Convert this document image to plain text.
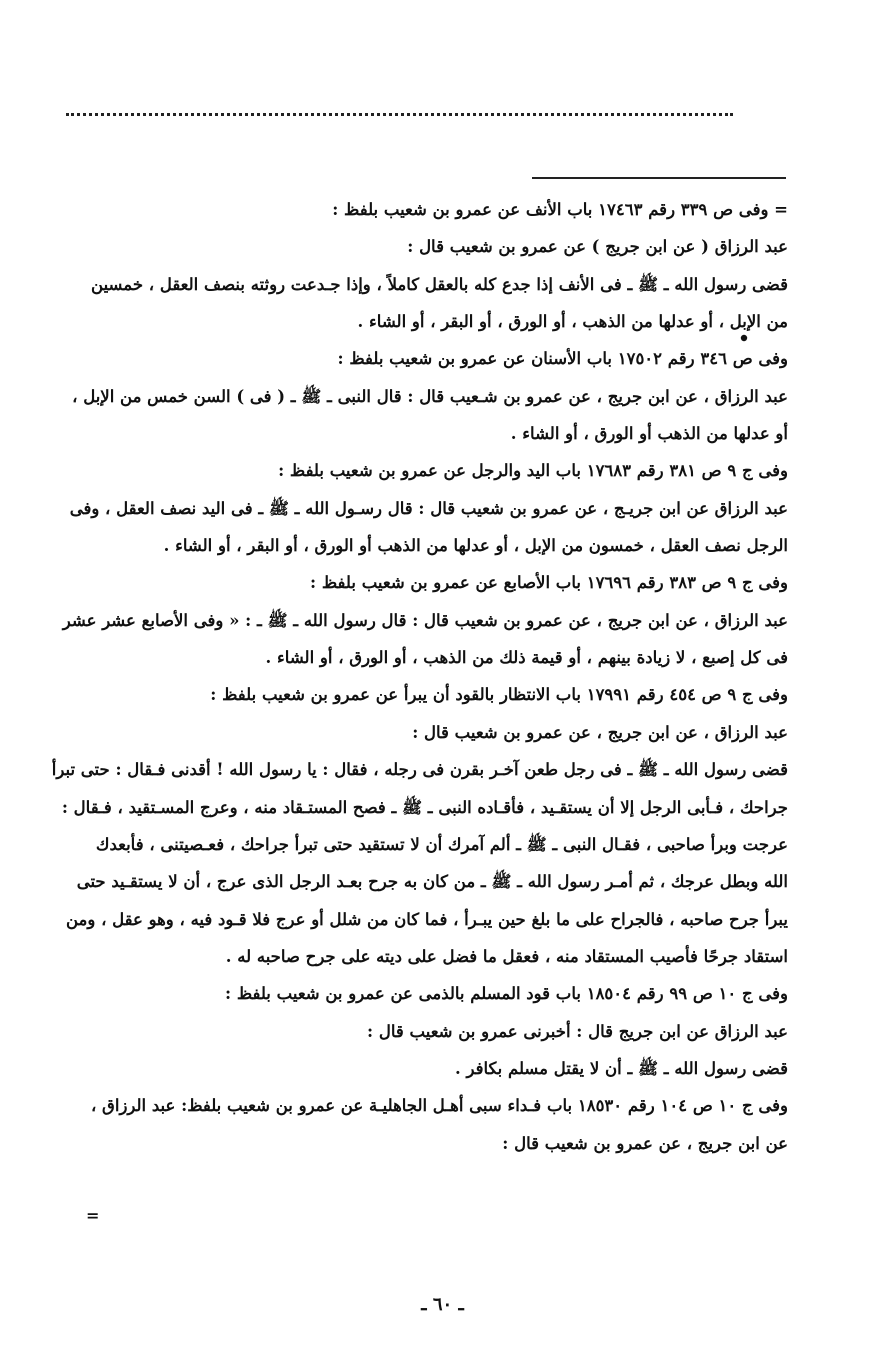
= وفى ص ٣٣٩ رقم ١٧٤٦٣ باب الأنف عن عمرو بن شعيب بلفظ :
عبد الرزاق ( عن ابن جريج ) عن عمرو بن شعيب قال :
قضى رسول الله ـ ﷺ ـ فى الأنف إذا جدع كله بالعقل كاملاً ، وإذا جـدعت روثته بنصف العقل ، خمسين
من الإبل ، أو عدلها من الذهب ، أو الورق ، أو البقر ، أو الشاء .
وفى ص ٣٤٦ رقم ١٧٥٠٢ باب الأسنان عن عمرو بن شعيب بلفظ :
عبد الرزاق ، عن ابن جريج ، عن عمرو بن شـعيب قال : قال النبى ـ ﷺ ـ ( فى ) السن خمس من الإبل ،
أو عدلها من الذهب أو الورق ، أو الشاء .
وفى ج ٩ ص ٣٨١ رقم ١٧٦٨٣ باب اليد والرجل عن عمرو بن شعيب بلفظ :
عبد الرزاق عن ابن جريـج ، عن عمرو بن شعيب قال : قال رسـول الله ـ ﷺ ـ فى اليد نصف العقل ، وفى
الرجل نصف العقل ، خمسون من الإبل ، أو عدلها من الذهب أو الورق ، أو البقر ، أو الشاء .
وفى ج ٩ ص ٣٨٣ رقم ١٧٦٩٦ باب الأصابع عن عمرو بن شعيب بلفظ :
عبد الرزاق ، عن ابن جريج ، عن عمرو بن شعيب قال : قال رسول الله ـ ﷺ ـ : « وفى الأصابع عشر عشر
فى كل إصبع ، لا زيادة بينهم ، أو قيمة ذلك من الذهب ، أو الورق ، أو الشاء .
وفى ج ٩ ص ٤٥٤ رقم ١٧٩٩١ باب الانتظار بالقود أن يبرأ عن عمرو بن شعيب بلفظ :
عبد الرزاق ، عن ابن جريج ، عن عمرو بن شعيب قال :
قضى رسول الله ـ ﷺ ـ فى رجل طعن آخـر بقرن فى رجله ، فقال : يا رسول الله ! أقدنى فـقال : حتى تبرأ
جراحك ، فـأبى الرجل إلا أن يستقـيد ، فأقـاده النبى ـ ﷺ ـ فصح المستـقاد منه ، وعرج المسـتقيد ، فـقال :
عرجت وبرأ صاحبى ، فقـال النبى ـ ﷺ ـ ألم آمرك أن لا تستقيد حتى تبرأ جراحك ، فعـصيتنى ، فأبعدك
الله وبطل عرجك ، ثم أمـر رسول الله ـ ﷺ ـ من كان به جرح بعـد الرجل الذى عرج ، أن لا يستقـيد حتى
يبرأ جرح صاحبه ، فالجراح على ما بلغ حين يبـرأ ، فما كان من شلل أو عرج فلا قـود فيه ، وهو عقل ، ومن
استقاد جرحًا فأصيب المستقاد منه ، فعقل ما فضل على ديته على جرح صاحبه له .
وفى ج ١٠ ص ٩٩ رقم ١٨٥٠٤ باب قود المسلم بالذمى عن عمرو بن شعيب بلفظ :
عبد الرزاق عن ابن جريج قال : أخبرنى عمرو بن شعيب قال :
قضى رسول الله ـ ﷺ ـ أن لا يقتل مسلم بكافر .
وفى ج ١٠ ص ١٠٤ رقم ١٨٥٣٠ باب فـداء سبى أهـل الجاهليـة عن عمرو بن شعيب بلفظ: عبد الرزاق ،
عن ابن جريج ، عن عمرو بن شعيب قال :
=
ـ ٦٠ ـ
